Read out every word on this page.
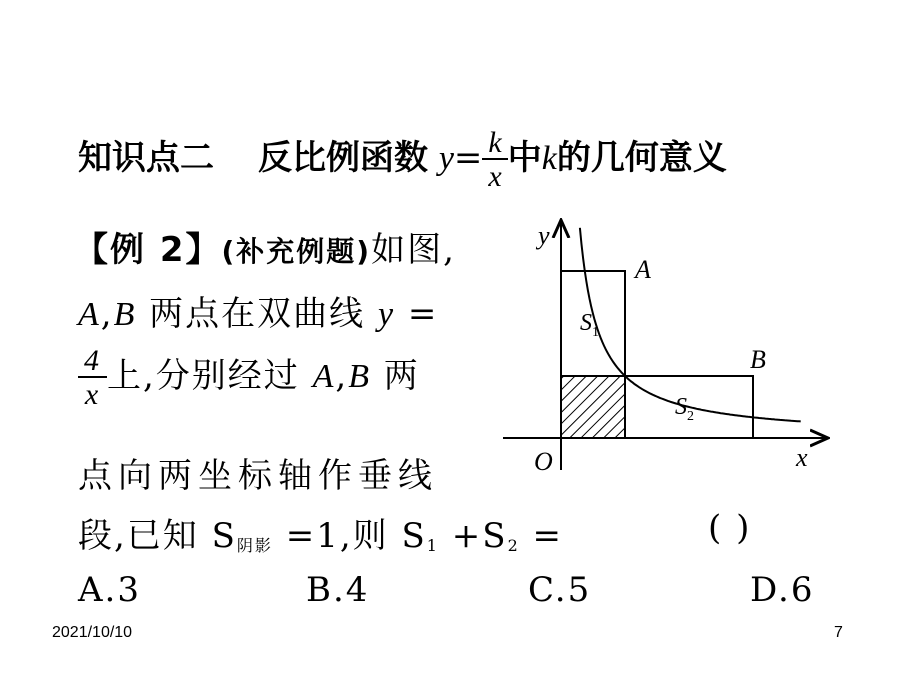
知识点二 反比例函数 $y= \frac{k}{x}$ 中k的几何意义
【例 2】(补充例题)如图,
A,B 两点在双曲线 y =
$\frac{4}{x}$ 上,分别经过 A,B 两
点向两坐标轴作垂线
段,已知 $S_{阴影} =1$,则 $S_1 +S_2$ =	( )
A.3	B.4	C.5	D.6
y
x
O
A
B
$S_1$
$S_2$
2021/10/10	7
